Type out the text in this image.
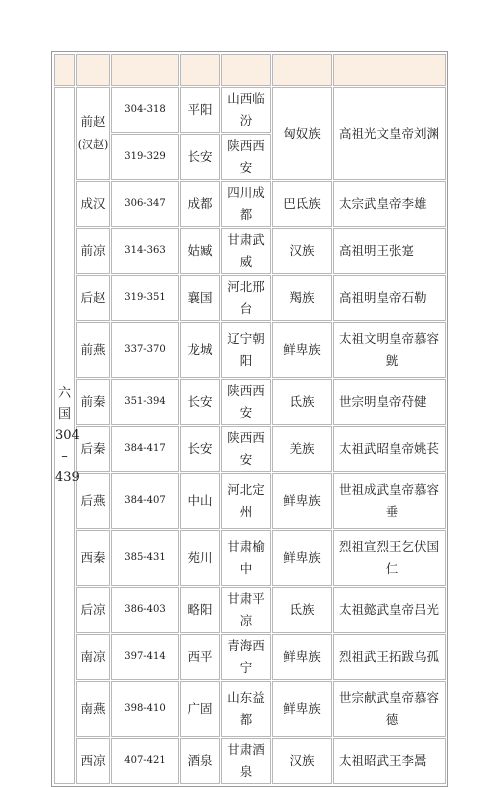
六
国
304
–
439	前赵
(汉赵)	304-318	平阳	山西临汾	匈奴族	高祖光文皇帝刘渊
		319-329	长安	陕西西安		
	成汉	306-347	成都	四川成都	巴氐族	太宗武皇帝李雄
	前凉	314-363	姑臧	甘肃武威	汉族	高祖明王张寔
	后赵	319-351	襄国	河北邢台	羯族	高祖明皇帝石勒
	前燕	337-370	龙城	辽宁朝阳	鲜卑族	太祖文明皇帝慕容

皝

	前秦	351-394	长安	陕西西安	氐族	世宗明皇帝苻健
	后秦	384-417	长安	陕西西安	羌族	太祖武昭皇帝姚苌
	后燕	384-407	中山	河北定州	鲜卑族	世祖成武皇帝慕容

垂

	西秦	385-431	苑川	甘肃榆中	鲜卑族	烈祖宣烈王乞伏国

仁

	后凉	386-403	略阳	甘肃平凉	氐族	太祖懿武皇帝吕光
	南凉	397-414	西平	青海西宁	鲜卑族	烈祖武王拓跋乌孤
	南燕	398-410	广固	山东益都	鲜卑族	世宗献武皇帝慕容

德

	西凉	407-421	酒泉	甘肃酒泉	汉族	太祖昭武王李暠
